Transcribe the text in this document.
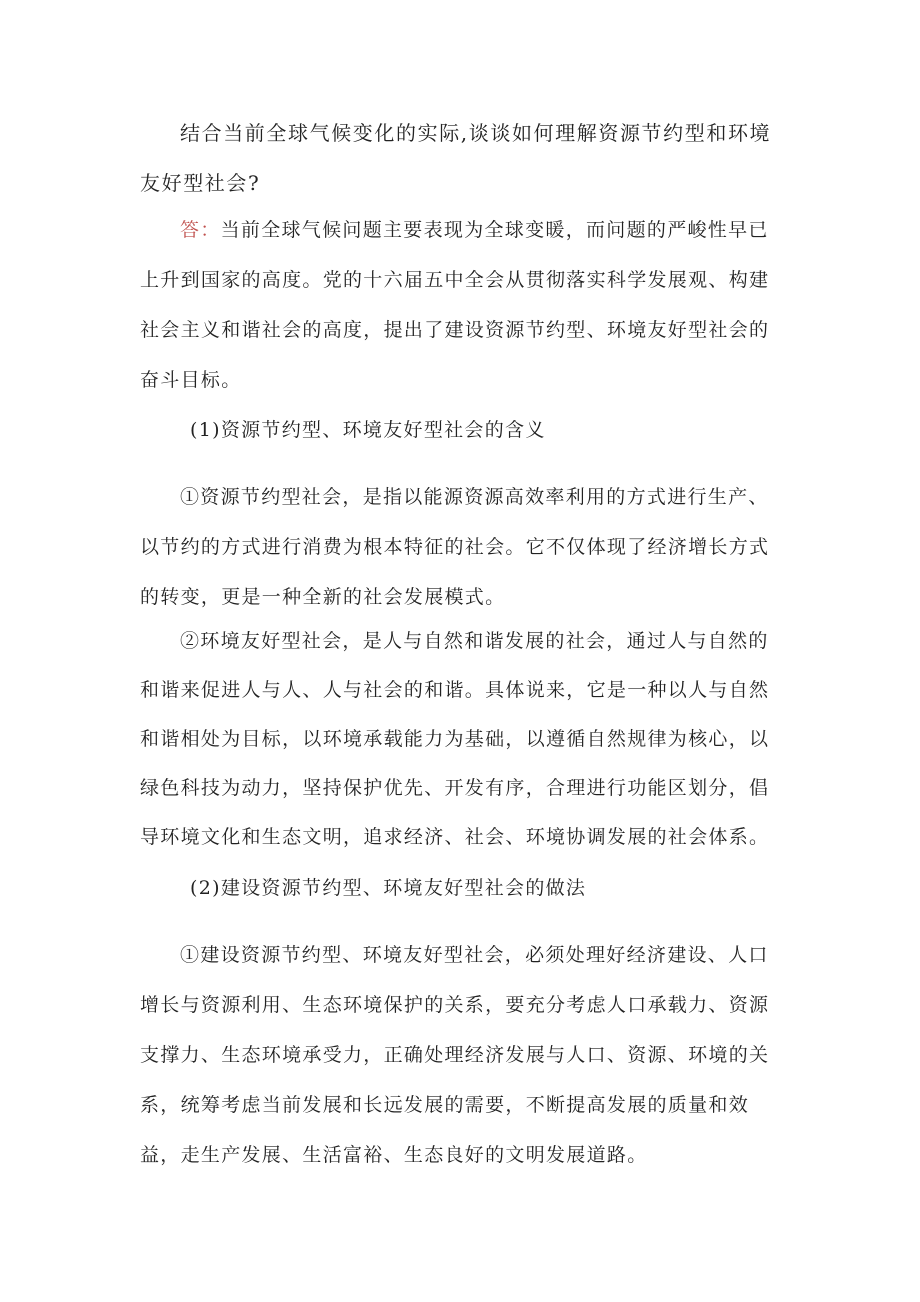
结合当前全球气候变化的实际,谈谈如何理解资源节约型和环境友好型社会?

答：当前全球气候问题主要表现为全球变暖，而问题的严峻性早已上升到国家的高度。党的十六届五中全会从贯彻落实科学发展观、构建社会主义和谐社会的高度，提出了建设资源节约型、环境友好型社会的奋斗目标。

(1)资源节约型、环境友好型社会的含义

①资源节约型社会，是指以能源资源高效率利用的方式进行生产、以节约的方式进行消费为根本特征的社会。它不仅体现了经济增长方式的转变，更是一种全新的社会发展模式。

②环境友好型社会，是人与自然和谐发展的社会，通过人与自然的和谐来促进人与人、人与社会的和谐。具体说来，它是一种以人与自然和谐相处为目标，以环境承载能力为基础，以遵循自然规律为核心，以绿色科技为动力，坚持保护优先、开发有序，合理进行功能区划分，倡导环境文化和生态文明，追求经济、社会、环境协调发展的社会体系。

(2)建设资源节约型、环境友好型社会的做法

①建设资源节约型、环境友好型社会，必须处理好经济建设、人口增长与资源利用、生态环境保护的关系，要充分考虑人口承载力、资源支撑力、生态环境承受力，正确处理经济发展与人口、资源、环境的关系，统筹考虑当前发展和长远发展的需要，不断提高发展的质量和效益，走生产发展、生活富裕、生态良好的文明发展道路。
